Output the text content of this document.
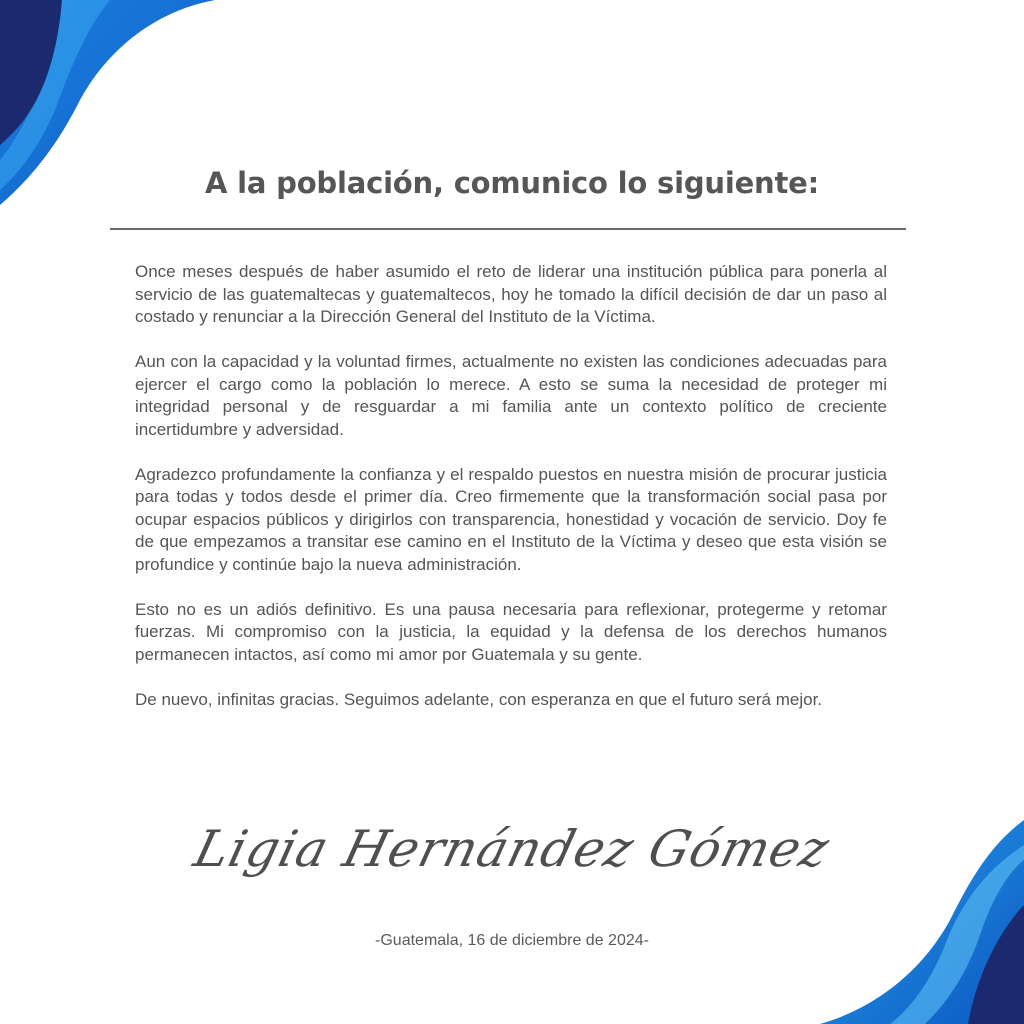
A la población, comunico lo siguiente:

Once meses después de haber asumido el reto de liderar una institución pública para ponerla al servicio de las guatemaltecas y guatemaltecos, hoy he tomado la difícil decisión de dar un paso al costado y renunciar a la Dirección General del Instituto de la Víctima.

Aun con la capacidad y la voluntad firmes, actualmente no existen las condiciones adecuadas para ejercer el cargo como la población lo merece. A esto se suma la necesidad de proteger mi integridad personal y de resguardar a mi familia ante un contexto político de creciente incertidumbre y adversidad.

Agradezco profundamente la confianza y el respaldo puestos en nuestra misión de procurar justicia para todas y todos desde el primer día. Creo firmemente que la transformación social pasa por ocupar espacios públicos y dirigirlos con transparencia, honestidad y vocación de servicio. Doy fe de que empezamos a transitar ese camino en el Instituto de la Víctima y deseo que esta visión se profundice y continúe bajo la nueva administración.

Esto no es un adiós definitivo. Es una pausa necesaria para reflexionar, protegerme y retomar fuerzas. Mi compromiso con la justicia, la equidad y la defensa de los derechos humanos permanecen intactos, así como mi amor por Guatemala y su gente.

De nuevo, infinitas gracias. Seguimos adelante, con esperanza en que el futuro será mejor.

Ligia Hernández Gómez
-Guatemala, 16 de diciembre de 2024-
